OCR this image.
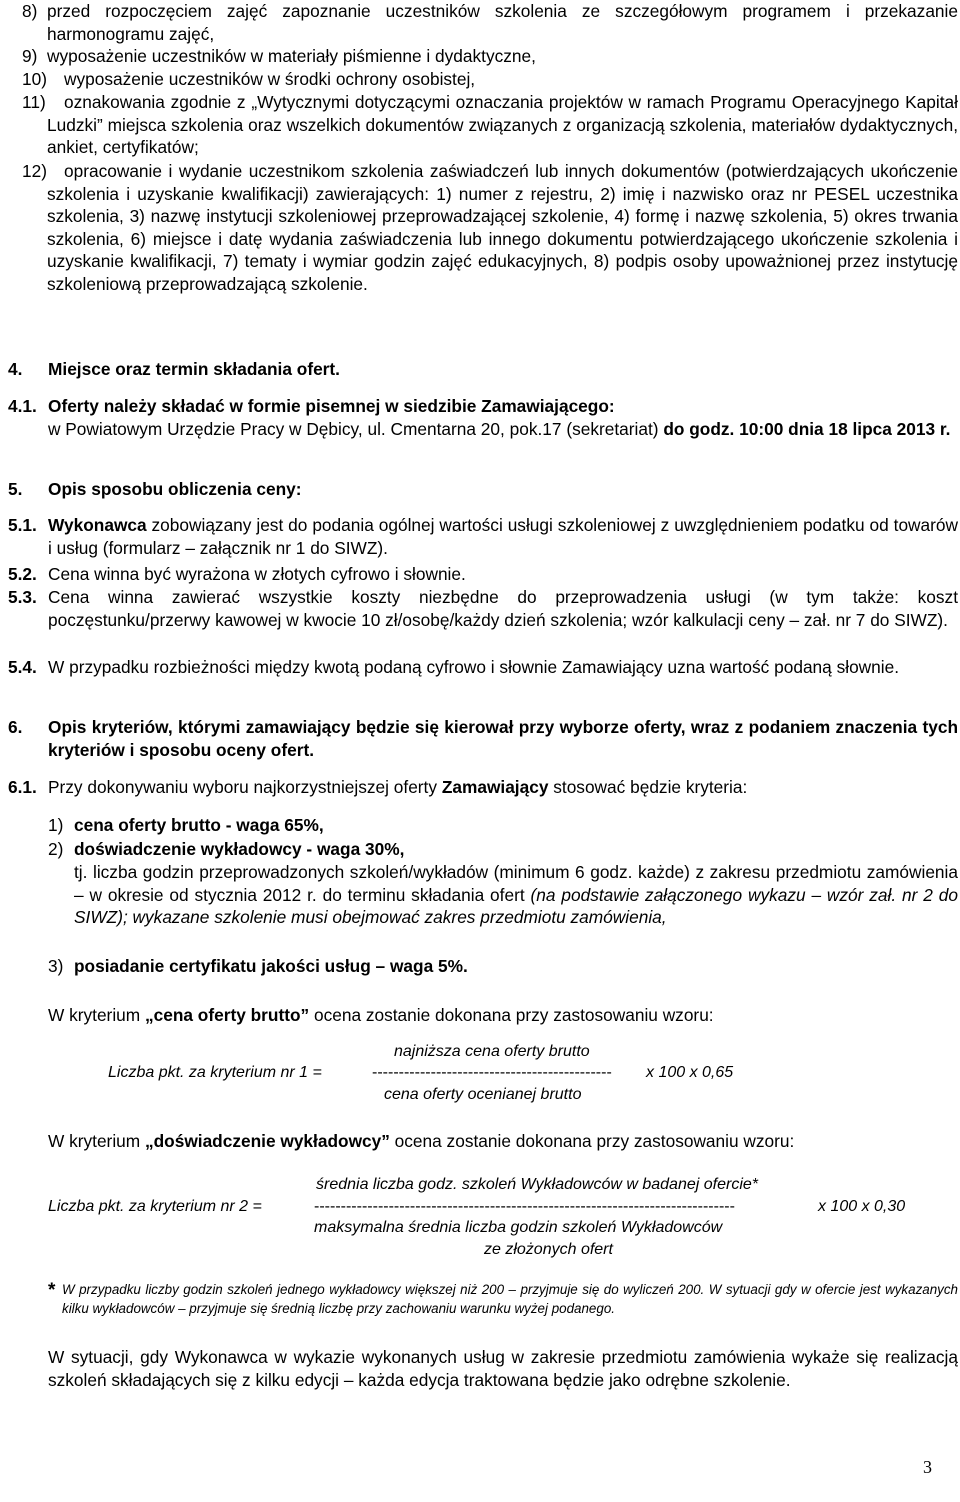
8) przed rozpoczęciem zajęć zapoznanie uczestników szkolenia ze szczegółowym programem i przekazanie harmonogramu zajęć,
9) wyposażenie uczestników w materiały piśmienne i dydaktyczne,
10) wyposażenie uczestników w środki ochrony osobistej,
11)	oznakowania zgodnie z „Wytycznymi dotyczącymi oznaczania projektów w ramach Programu Operacyjnego Kapitał Ludzki” miejsca szkolenia oraz wszelkich dokumentów związanych z organizacją szkolenia, materiałów dydaktycznych, ankiet, certyfikatów;
12) opracowanie i wydanie uczestnikom szkolenia zaświadczeń lub innych dokumentów (potwierdzających ukończenie szkolenia i uzyskanie kwalifikacji) zawierających: 1) numer z rejestru, 2) imię i nazwisko oraz nr PESEL uczestnika szkolenia, 3) nazwę instytucji szkoleniowej przeprowadzającej szkolenie, 4) formę i nazwę szkolenia, 5) okres trwania szkolenia, 6) miejsce i datę wydania zaświadczenia lub innego dokumentu potwierdzającego ukończenie szkolenia i uzyskanie kwalifikacji, 7) tematy i wymiar godzin zajęć edukacyjnych, 8) podpis osoby upoważnionej przez instytucję szkoleniową przeprowadzającą szkolenie.
4. Miejsce oraz termin składania ofert.
4.1. Oferty należy składać w formie pisemnej w siedzibie Zamawiającego:
w Powiatowym Urzędzie Pracy w Dębicy, ul. Cmentarna 20, pok.17 (sekretariat) do godz. 10:00 dnia 18 lipca 2013 r.
5. Opis sposobu obliczenia ceny:
5.1. Wykonawca zobowiązany jest do podania ogólnej wartości usługi szkoleniowej z uwzględnieniem podatku od towarów i usług (formularz – załącznik nr 1 do SIWZ).
5.2. Cena winna być wyrażona w złotych cyfrowo i słownie.
5.3. Cena winna zawierać wszystkie koszty niezbędne do przeprowadzenia usługi (w tym także: koszt poczęstunku/przerwy kawowej w kwocie 10 zł/osobę/każdy dzień szkolenia; wzór kalkulacji ceny – zał. nr 7 do SIWZ).
5.4. W przypadku rozbieżności między kwotą podaną cyfrowo i słownie Zamawiający uzna wartość podaną słownie.
6. Opis kryteriów, którymi zamawiający będzie się kierował przy wyborze oferty, wraz z podaniem znaczenia tych kryteriów i sposobu oceny ofert.
6.1. Przy dokonywaniu wyboru najkorzystniejszej oferty Zamawiający stosować będzie kryteria:
1) cena oferty brutto - waga 65%,
2) doświadczenie wykładowcy - waga 30%,
tj. liczba godzin przeprowadzonych szkoleń/wykładów (minimum 6 godz. każde) z zakresu przedmiotu zamówienia – w okresie od stycznia 2012 r. do terminu składania ofert (na podstawie załączonego wykazu – wzór zał. nr 2 do SIWZ); wykazane szkolenie musi obejmować zakres przedmiotu zamówienia,
3) posiadanie certyfikatu jakości usług – waga 5%.
W kryterium „cena oferty brutto” ocena zostanie dokonana przy zastosowaniu wzoru:
najniższa cena oferty brutto
Liczba pkt. za kryterium nr 1 =	--------------------------------------------- x 100 x 0,65
cena oferty ocenianej brutto
W kryterium „doświadczenie wykładowcy” ocena zostanie dokonana przy zastosowaniu wzoru:
średnia liczba godz. szkoleń Wykładowców w badanej ofercie*
Liczba pkt. za kryterium nr 2 =	-------------------------------------------------------------------------------	x 100 x 0,30
maksymalna średnia liczba godzin szkoleń Wykładowców
ze złożonych ofert
* W przypadku liczby godzin szkoleń jednego wykładowcy większej niż 200 – przyjmuje się do wyliczeń 200. W sytuacji gdy w ofercie jest wykazanych kilku wykładowców – przyjmuje się średnią liczbę przy zachowaniu warunku wyżej podanego.
W sytuacji, gdy Wykonawca w wykazie wykonanych usług w zakresie przedmiotu zamówienia wykaże się realizacją szkoleń składających się z kilku edycji – każda edycja traktowana będzie jako odrębne szkolenie.
3
